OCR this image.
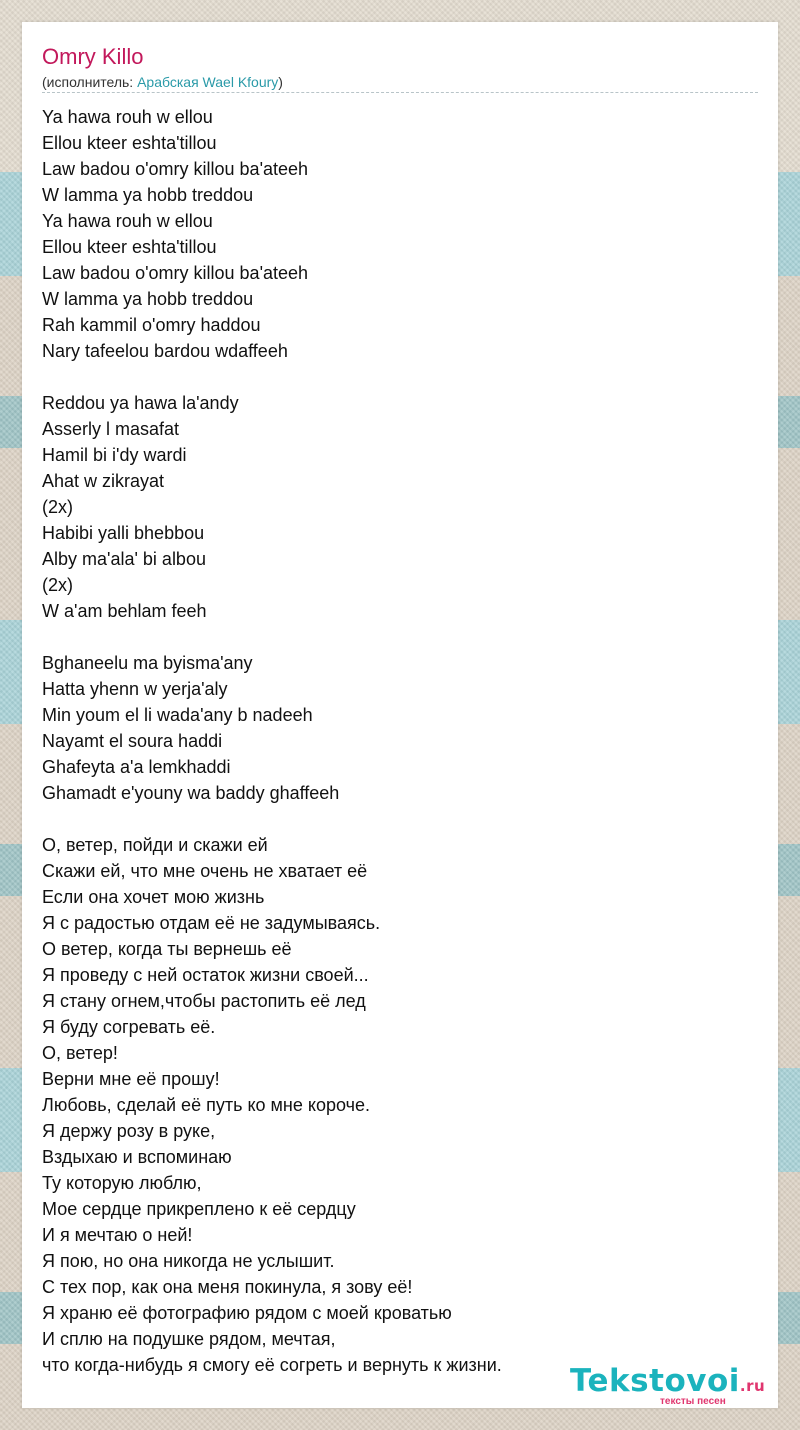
Omry Killo
(исполнитель: Арабская Wael Kfoury)
Ya hawa rouh w ellou
Ellou kteer eshta'tillou
Law badou o'omry killou ba'ateeh
W lamma ya hobb treddou
Ya hawa rouh w ellou
Ellou kteer eshta'tillou
Law badou o'omry killou ba'ateeh
W lamma ya hobb treddou
Rah kammil o'omry haddou
Nary tafeelou bardou wdaffeeh
Reddou ya hawa la'andy
Asserly l masafat
Hamil bi i'dy wardi
Ahat w zikrayat
(2x)
Habibi yalli bhebbou
Alby ma'ala' bi albou
(2x)
W a'am behlam feeh
Bghaneelu ma byisma'any
Hatta yhenn w yerja'aly
Min youm el li wada'any b nadeeh
Nayamt el soura haddi
Ghafeyta a'a lemkhaddi
Ghamadt e'youny wa baddy ghaffeeh
О, ветер, пойди и скажи ей
Скажи ей, что мне очень не хватает её
Если она хочет мою жизнь
Я с радостью отдам её не задумываясь.
О ветер, когда ты вернешь её
Я проведу с ней остаток жизни своей...
Я стану огнем,чтобы растопить её лед
Я буду согревать её.
О, ветер!
Верни мне её прошу!
Любовь, сделай её путь ко мне короче.
Я держу розу в руке,
Вздыхаю и вспоминаю
Ту которую люблю,
Мое сердце прикреплено к её сердцу
И я мечтаю о ней!
Я пою, но она никогда не услышит.
С тех пор, как она меня покинула, я зову её!
Я храню её фотографию рядом с моей кроватью
И сплю на подушке рядом, мечтая,
что когда-нибудь я смогу её согреть и вернуть к жизни.	Tekstovoi.ru
тексты песен
